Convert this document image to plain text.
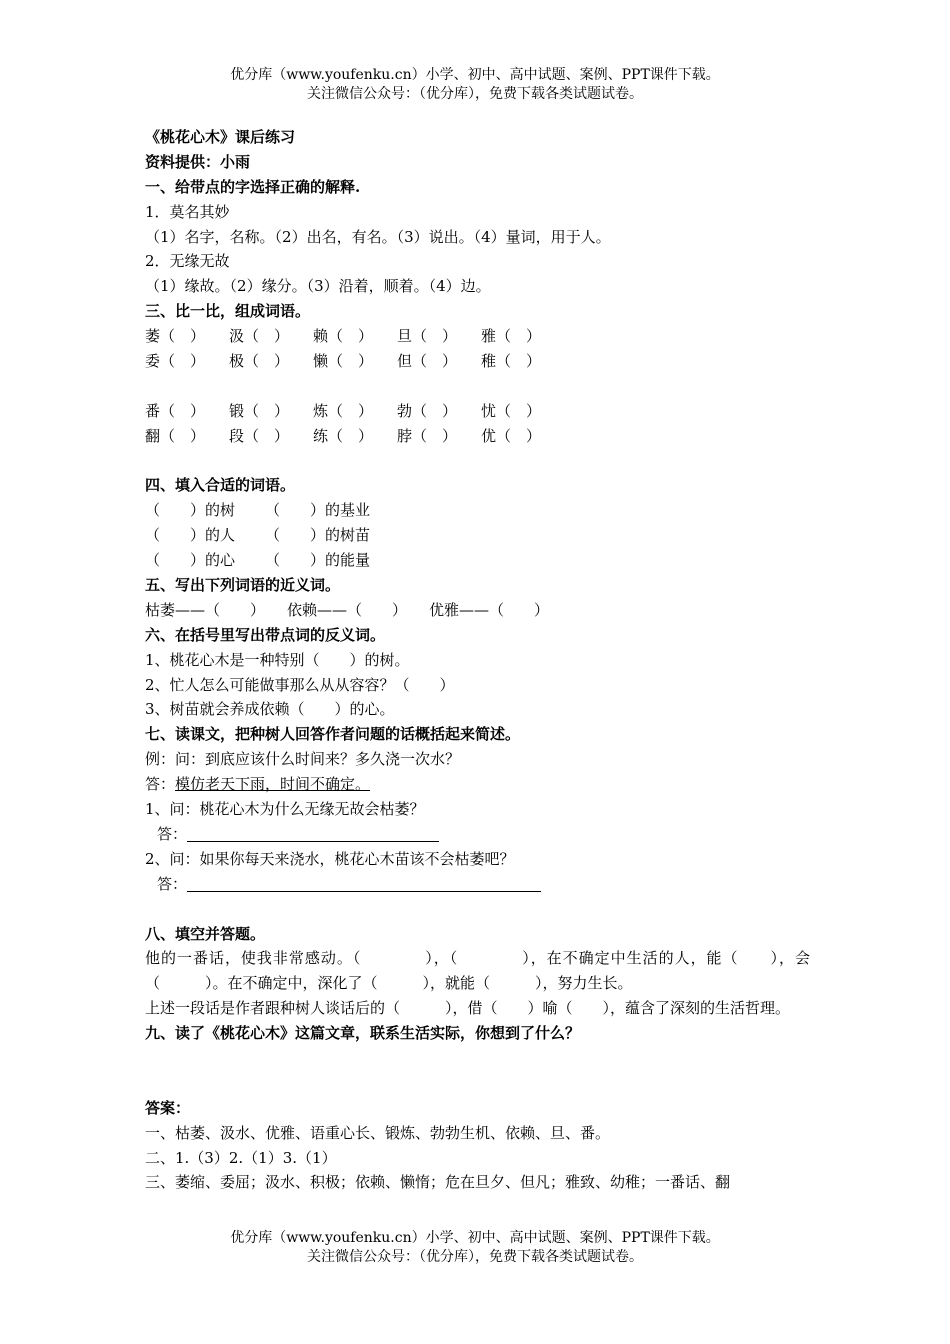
优分库（www.youfenku.cn）小学、初中、高中试题、案例、PPT课件下载。
关注微信公众号：（优分库），免费下载各类试题试卷。
《桃花心木》课后练习
资料提供：小雨
一、给带点的字选择正确的解释.
1．莫名其妙
（1）名字，名称。（2）出名，有名。（3）说出。（4）量词，用于人。
2．无缘无故
（1）缘故。（2）缘分。（3）沿着，顺着。（4）边。
三、比一比，组成词语。
萎（　） 汲（　） 赖（　） 旦（　） 雅（　）
委（　） 极（　） 懒（　） 但（　） 稚（　）
番（　） 锻（　） 炼（　） 勃（　） 忧（　）
翻（　） 段（　） 练（　） 脖（　） 优（　）
四、填入合适的词语。
（　　）的树 （　　）的基业
（　　）的人 （　　）的树苗
（　　）的心 （　　）的能量
五、写出下列词语的近义词。
枯萎——（　　） 依赖——（　　） 优雅——（　　）
六、在括号里写出带点词的反义词。
1、桃花心木是一种特别（　　）的树。
2、忙人怎么可能做事那么从从容容？（　　）
3、树苗就会养成依赖（　　）的心。
七、读课文，把种树人回答作者问题的话概括起来简述。
例：问：到底应该什么时间来？多久浇一次水？
答：模仿老天下雨，时间不确定。
1、问：桃花心木为什么无缘无故会枯萎？
答：
2、问：如果你每天来浇水，桃花心木苗该不会枯萎吧？
答：
八、填空并答题。
他的一番话，使我非常感动。（　　　　），（　　　　），在不确定中生活的人，能（　　），会（　　　）。在不确定中，深化了（　　　），就能（　　　），努力生长。
上述一段话是作者跟种树人谈话后的（　　　），借（　　）喻（　　），蕴含了深刻的生活哲理。
九、读了《桃花心木》这篇文章，联系生活实际，你想到了什么？
答案：
一、枯萎、汲水、优雅、语重心长、锻炼、勃勃生机、依赖、旦、番。
二、1.（3）2.（1）3.（1）
三、萎缩、委屈；汲水、积极；依赖、懒惰；危在旦夕、但凡；雅致、幼稚；一番话、翻
优分库（www.youfenku.cn）小学、初中、高中试题、案例、PPT课件下载。
关注微信公众号：（优分库），免费下载各类试题试卷。
